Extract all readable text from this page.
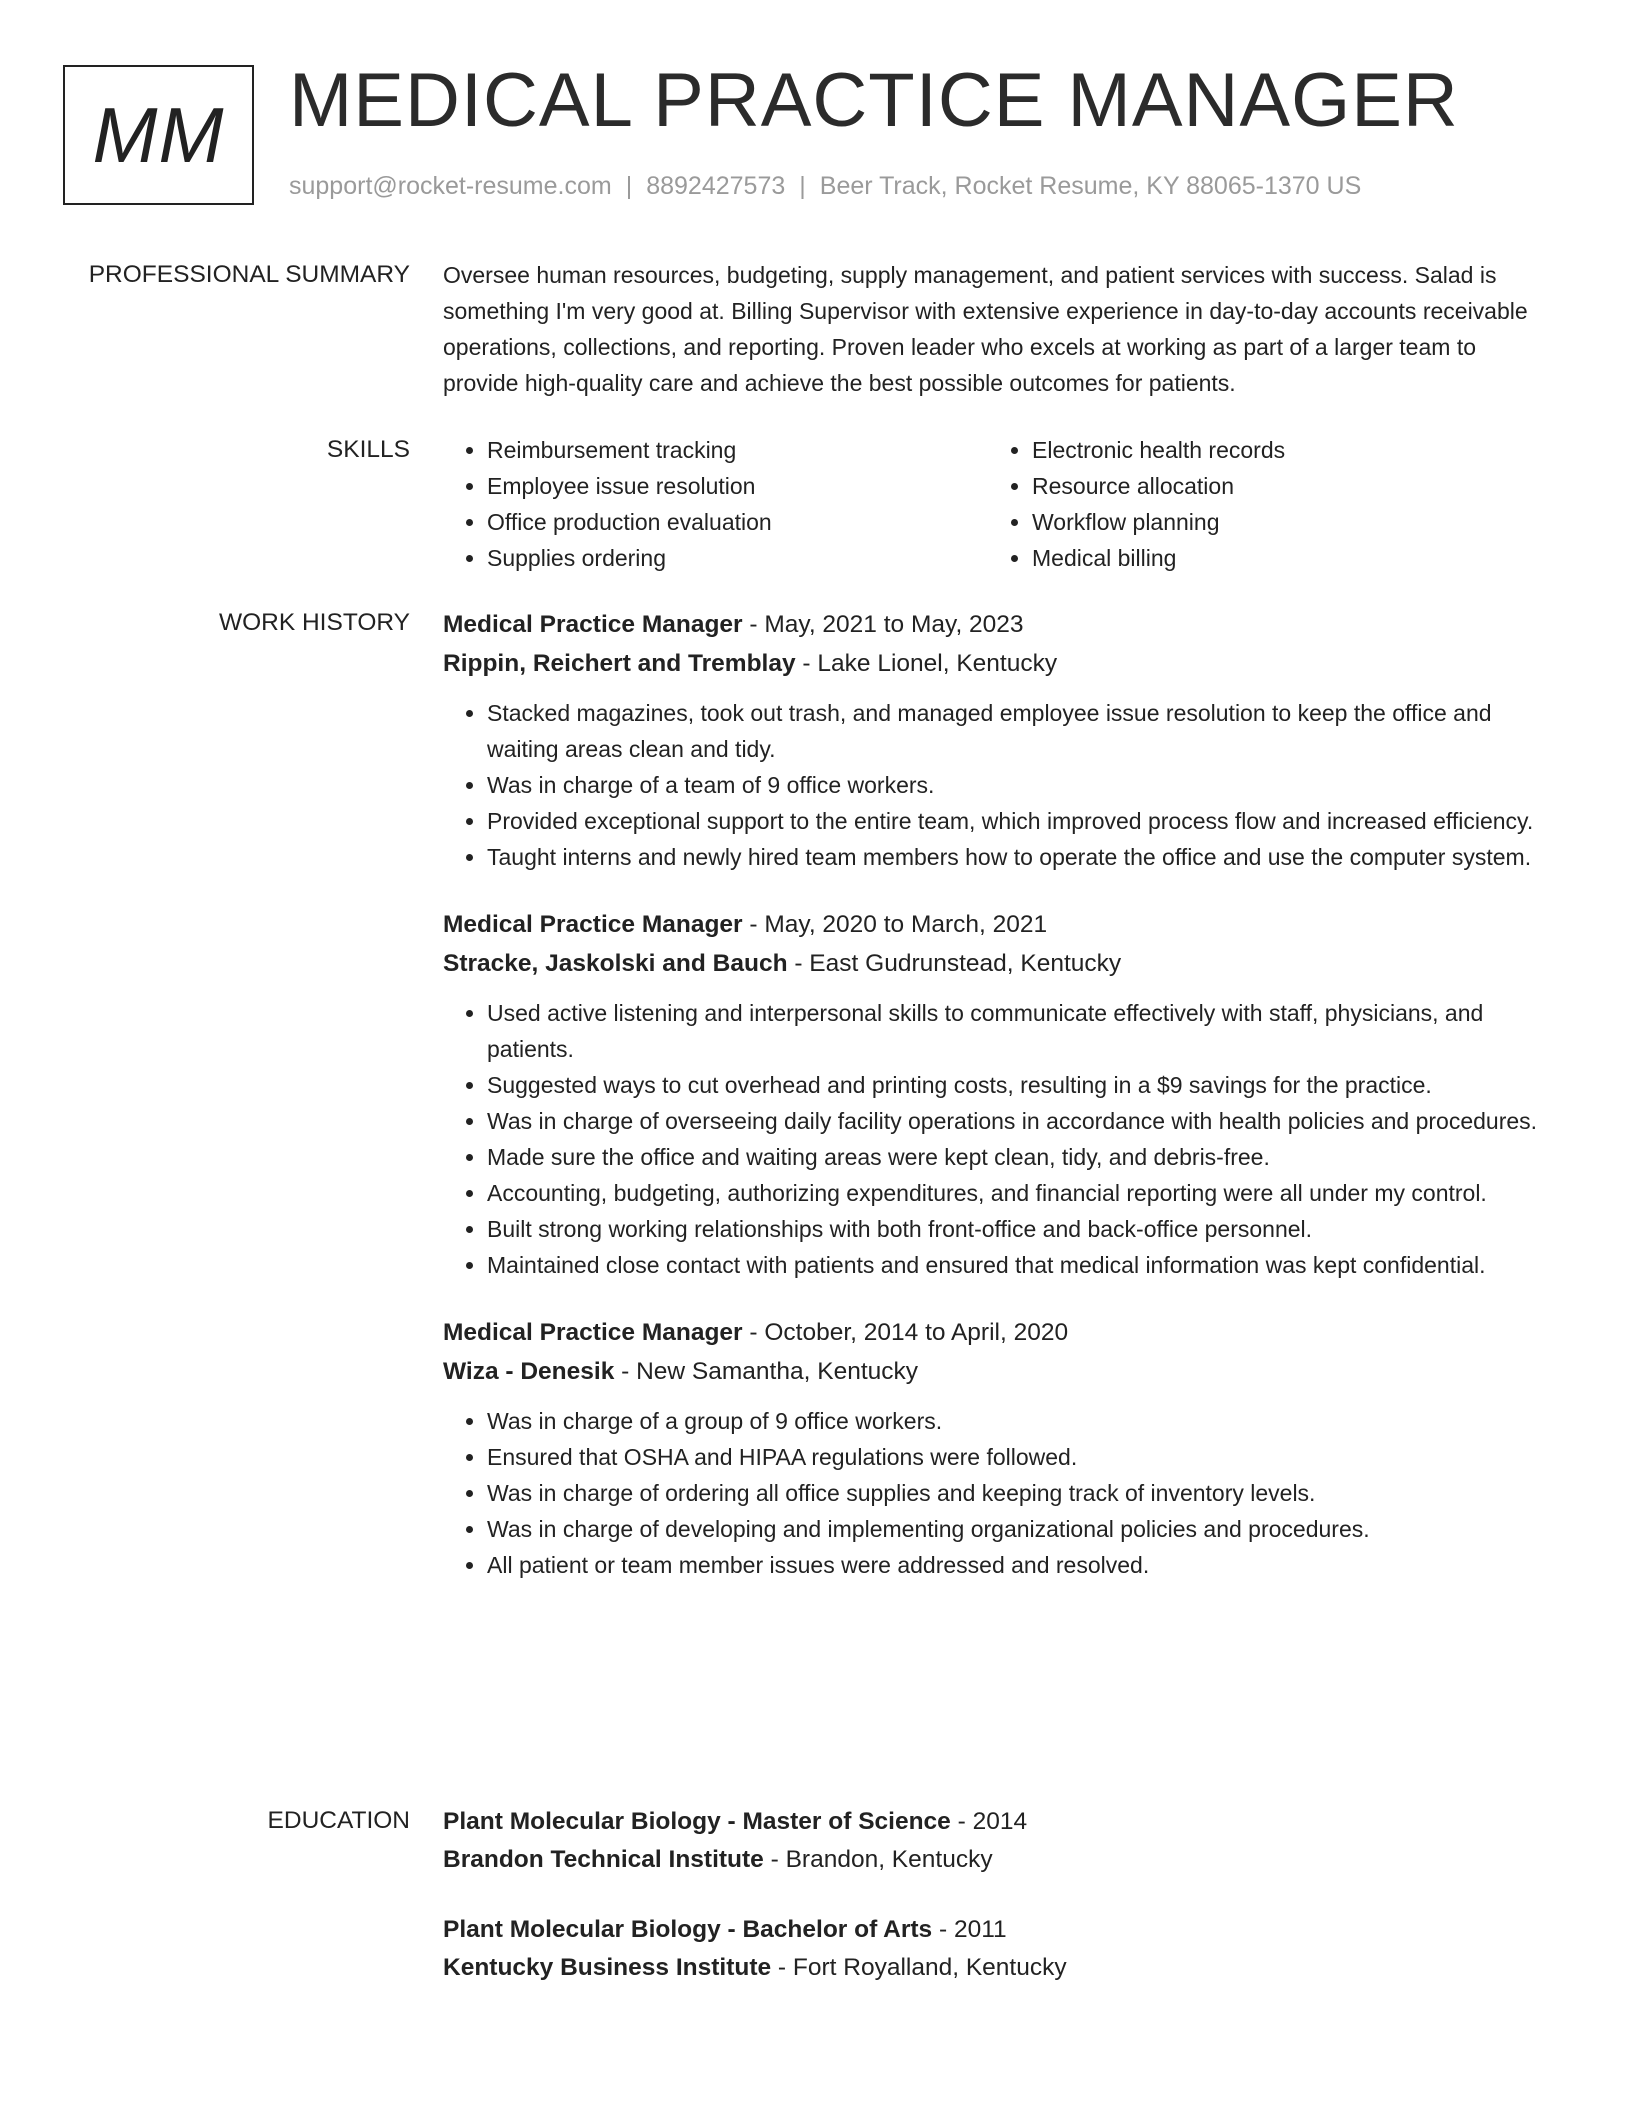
MM MEDICAL PRACTICE MANAGER
support@rocket-resume.com | 8892427573 | Beer Track, Rocket Resume, KY 88065-1370 US
PROFESSIONAL SUMMARY Oversee human resources, budgeting, supply management, and patient services with success. Salad is something I'm very good at. Billing Supervisor with extensive experience in day-to-day accounts receivable operations, collections, and reporting. Proven leader who excels at working as part of a larger team to provide high-quality care and achieve the best possible outcomes for patients.

SKILLS
•	Reimbursement tracking
• Employee issue resolution
• Office production evaluation
• Supplies ordering
• Electronic health records
• Resource allocation
• Workflow planning
• Medical billing
WORK HISTORY Medical Practice Manager - May, 2021 to May, 2023
Rippin, Reichert and Tremblay - Lake Lionel, Kentucky
• Stacked magazines, took out trash, and managed employee issue resolution to keep the office and waiting areas clean and tidy.
• Was in charge of a team of 9 office workers.
• Provided exceptional support to the entire team, which improved process flow and increased efficiency.
• Taught interns and newly hired team members how to operate the office and use the computer system.
Medical Practice Manager - May, 2020 to March, 2021
Stracke, Jaskolski and Bauch - East Gudrunstead, Kentucky
• Used active listening and interpersonal skills to communicate effectively with staff, physicians, and patients.
• Suggested ways to cut overhead and printing costs, resulting in a $9 savings for the practice.
• Was in charge of overseeing daily facility operations in accordance with health policies and procedures.
• Made sure the office and waiting areas were kept clean, tidy, and debris-free.
• Accounting, budgeting, authorizing expenditures, and financial reporting were all under my control.
• Built strong working relationships with both front-office and back-office personnel.
• Maintained close contact with patients and ensured that medical information was kept confidential.
Medical Practice Manager - October, 2014 to April, 2020
Wiza - Denesik - New Samantha, Kentucky
• Was in charge of a group of 9 office workers.
• Ensured that OSHA and HIPAA regulations were followed.
• Was in charge of ordering all office supplies and keeping track of inventory levels.
• Was in charge of developing and implementing organizational policies and procedures.
• All patient or team member issues were addressed and resolved.
EDUCATION Plant Molecular Biology - Master of Science - 2014
Brandon Technical Institute - Brandon, Kentucky
Plant Molecular Biology - Bachelor of Arts - 2011
Kentucky Business Institute - Fort Royalland, Kentucky
